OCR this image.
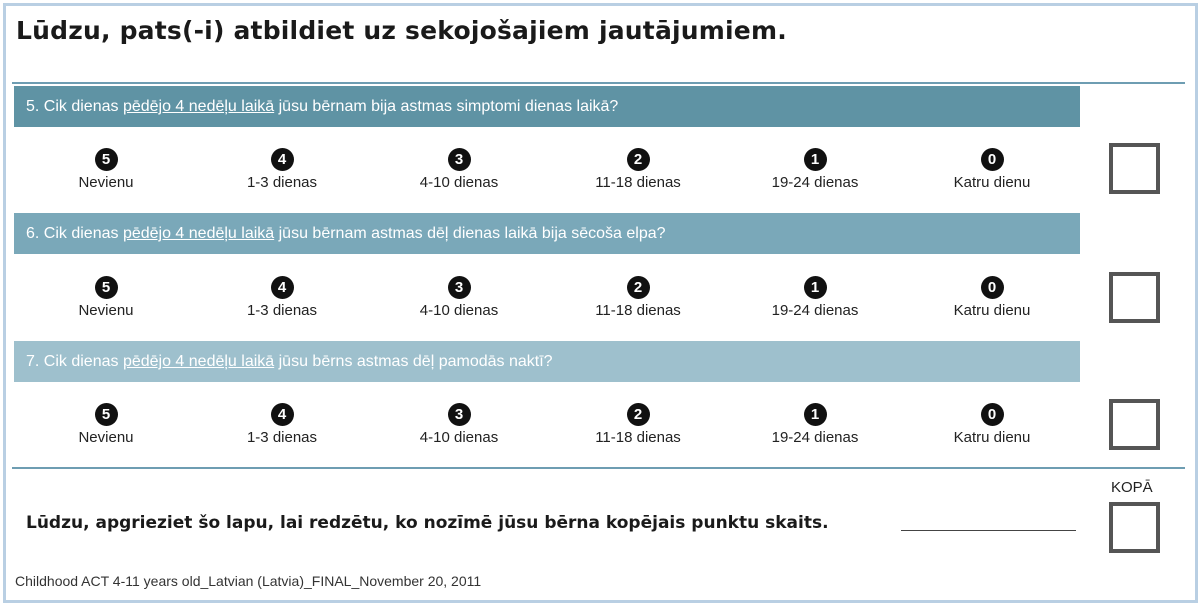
Lūdzu, pats(-i) atbildiet uz sekojošajiem jautājumiem.
5. Cik dienas pēdējo 4 nedēļu laikā jūsu bērnam bija astmas simptomi dienas laikā?
5
Nevienu
4
1-3 dienas
3
4-10 dienas
2
11-18 dienas
1
19-24 dienas
0
Katru dienu
6. Cik dienas pēdējo 4 nedēļu laikā jūsu bērnam astmas dēļ dienas laikā bija sēcoša elpa?
5
Nevienu
4
1-3 dienas
3
4-10 dienas
2
11-18 dienas
1
19-24 dienas
0
Katru dienu
7. Cik dienas pēdējo 4 nedēļu laikā jūsu bērns astmas dēļ pamodās naktī?
5
Nevienu
4
1-3 dienas
3
4-10 dienas
2
11-18 dienas
1
19-24 dienas
0
Katru dienu
KOPĀ
Lūdzu, apgrieziet šo lapu, lai redzētu, ko nozīmē jūsu bērna kopējais punktu skaits.
Childhood ACT 4-11 years old_Latvian (Latvia)_FINAL_November 20, 2011
